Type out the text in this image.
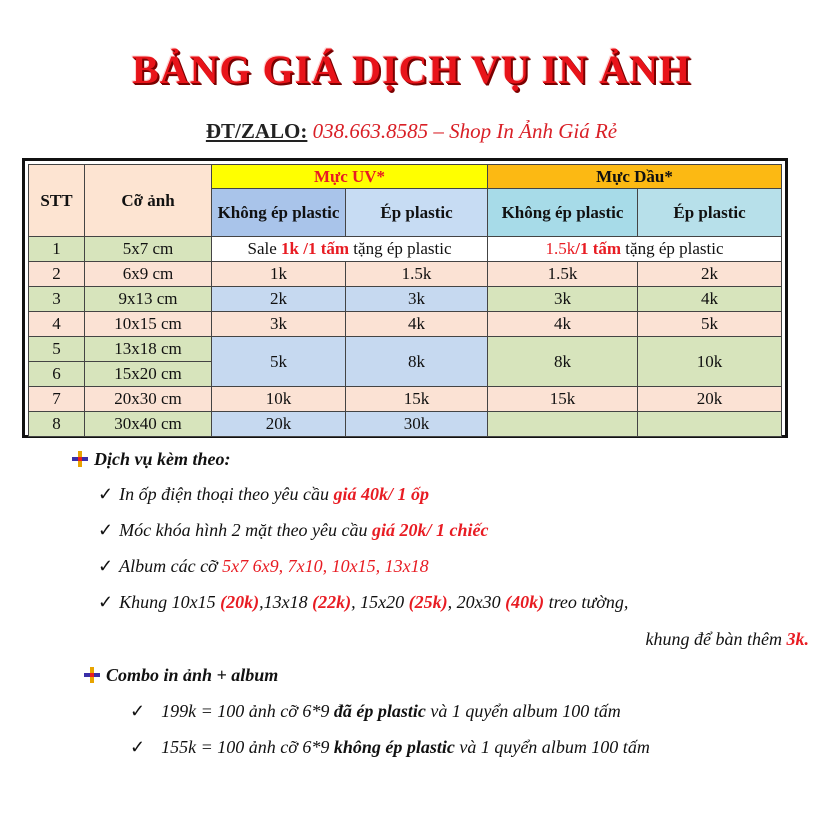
BẢNG GIÁ DỊCH VỤ IN ẢNH
ĐT/ZALO: 038.663.8585 – Shop In Ảnh Giá Rẻ
STT	Cỡ ảnh	Mực UV*		Mực Dầu*	
		Không ép plastic	Ép plastic	Không ép plastic	Ép plastic
1	5x7 cm	Sale 1k /1 tấm tặng ép plastic		1.5k/1 tấm tặng ép plastic	
2	6x9 cm	1k	1.5k	1.5k	2k
3	9x13 cm	2k	3k	3k	4k
4	10x15 cm	3k	4k	4k	5k
5	13x18 cm	5k	8k	8k	10k
6	15x20 cm				
7	20x30 cm	10k	15k	15k	20k
8	30x40 cm	20k	30k		
Dịch vụ kèm theo:
✓ In ốp điện thoại theo yêu cầu giá 40k/ 1 ốp
✓ Móc khóa hình 2 mặt theo yêu cầu giá 20k/ 1 chiếc
✓ Album các cỡ 5x7 6x9, 7x10, 10x15, 13x18
✓ Khung 10x15 (20k),13x18 (22k), 15x20 (25k), 20x30 (40k) treo tường,
khung để bàn thêm 3k.
Combo in ảnh + album
✓ 199k = 100 ảnh cỡ 6*9 đã ép plastic và 1 quyển album 100 tấm
✓ 155k = 100 ảnh cỡ 6*9 không ép plastic và 1 quyển album 100 tấm
